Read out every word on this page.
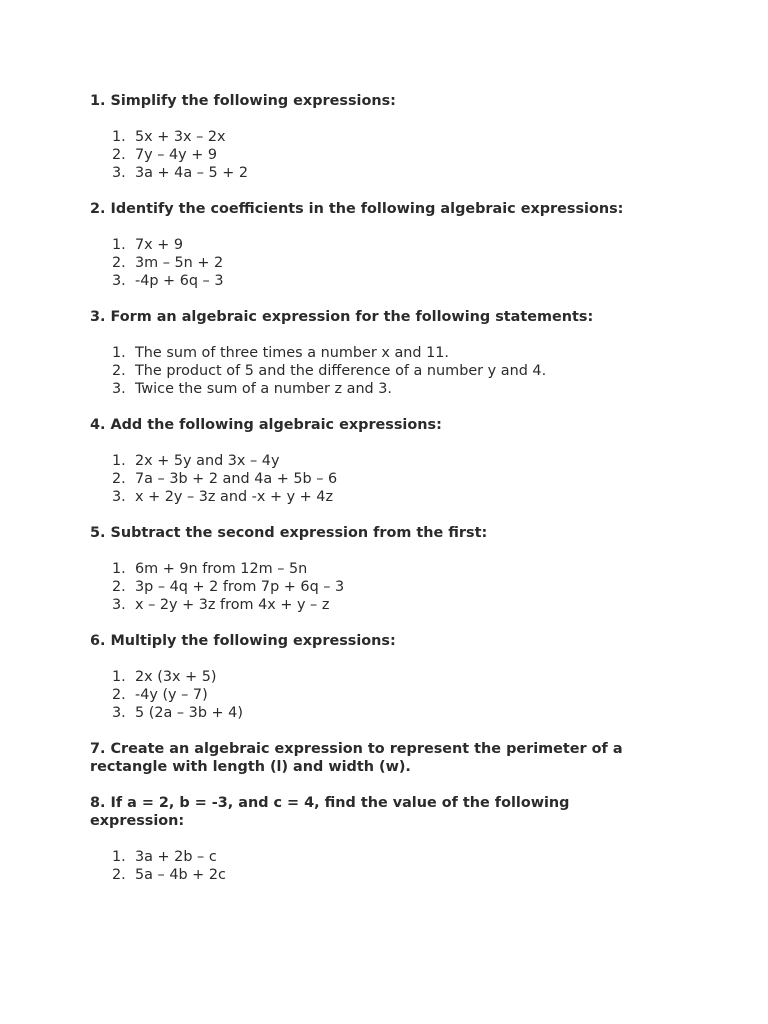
1. Simplify the following expressions:

1. 5x + 3x – 2x
2. 7y – 4y + 9
3. 3a + 4a – 5 + 2

2. Identify the coefficients in the following algebraic expressions:

1. 7x + 9
2. 3m – 5n + 2
3. -4p + 6q – 3

3. Form an algebraic expression for the following statements:

1. The sum of three times a number x and 11.
2. The product of 5 and the difference of a number y and 4.
3. Twice the sum of a number z and 3.

4. Add the following algebraic expressions:

1. 2x + 5y and 3x – 4y
2. 7a – 3b + 2 and 4a + 5b – 6
3. x + 2y – 3z and -x + y + 4z

5. Subtract the second expression from the first:

1. 6m + 9n from 12m – 5n
2. 3p – 4q + 2 from 7p + 6q – 3
3. x – 2y + 3z from 4x + y – z

6. Multiply the following expressions:

1. 2x (3x + 5)
2. -4y (y – 7)
3. 5 (2a – 3b + 4)

7. Create an algebraic expression to represent the perimeter of a rectangle with length (l) and width (w).

8. If a = 2, b = -3, and c = 4, find the value of the following expression:

1. 3a + 2b – c
2. 5a – 4b + 2c
